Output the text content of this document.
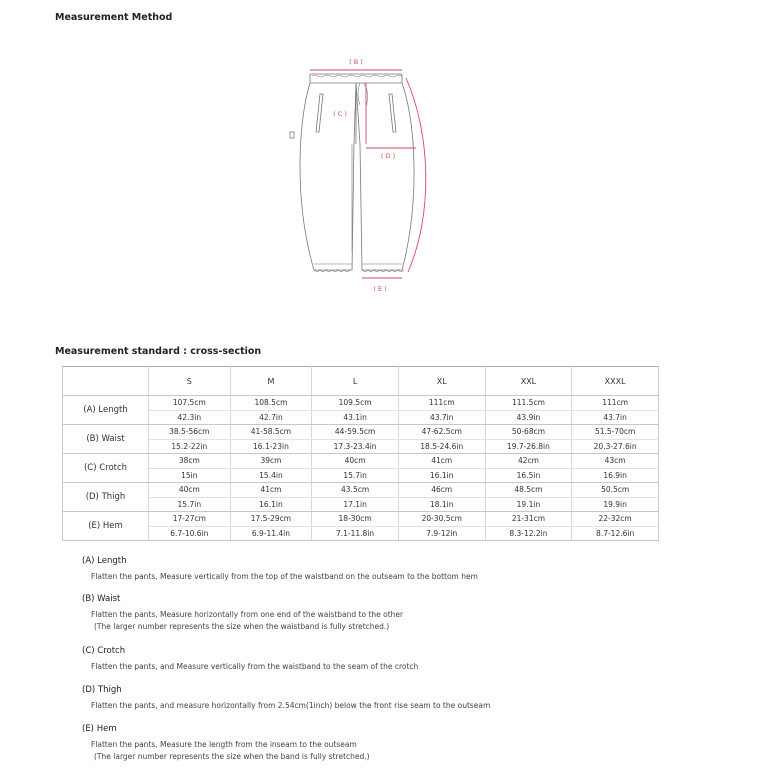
Measurement Method
( B )
( C )
( D )
( E )
Measurement standard : cross-section
	S	M	L	XL	XXL	XXXL
(A) Length	107.5cm	108.5cm	109.5cm	111cm	111.5cm	111cm
	42.3in	42.7in	43.1in	43.7in	43.9in	43.7in
(B) Waist	38.5-56cm	41-58.5cm	44-59.5cm	47-62.5cm	50-68cm	51.5-70cm
	15.2-22in	16.1-23in	17.3-23.4in	18.5-24.6in	19.7-26.8in	20.3-27.6in
(C) Crotch	38cm	39cm	40cm	41cm	42cm	43cm
	15in	15.4in	15.7in	16.1in	16.5in	16.9in
(D) Thigh	40cm	41cm	43.5cm	46cm	48.5cm	50.5cm
	15.7in	16.1in	17.1in	18.1in	19.1in	19.9in
(E) Hem	17-27cm	17.5-29cm	18-30cm	20-30.5cm	21-31cm	22-32cm
	6.7-10.6in	6.9-11.4in	7.1-11.8in	7.9-12in	8.3-12.2in	8.7-12.6in
(A) Length
Flatten the pants, Measure vertically from the top of the waistband on the outseam to the bottom hem
(B) Waist
Flatten the pants, Measure horizontally from one end of the waistband to the other
(The larger number represents the size when the waistband is fully stretched.)
(C) Crotch
Flatten the pants, and Measure vertically from the waistband to the seam of the crotch
(D) Thigh
Flatten the pants, and measure horizontally from 2.54cm(1inch) below the front rise seam to the outseam
(E) Hem
Flatten the pants, Measure the length from the inseam to the outseam
(The larger number represents the size when the band is fully stretched.)
